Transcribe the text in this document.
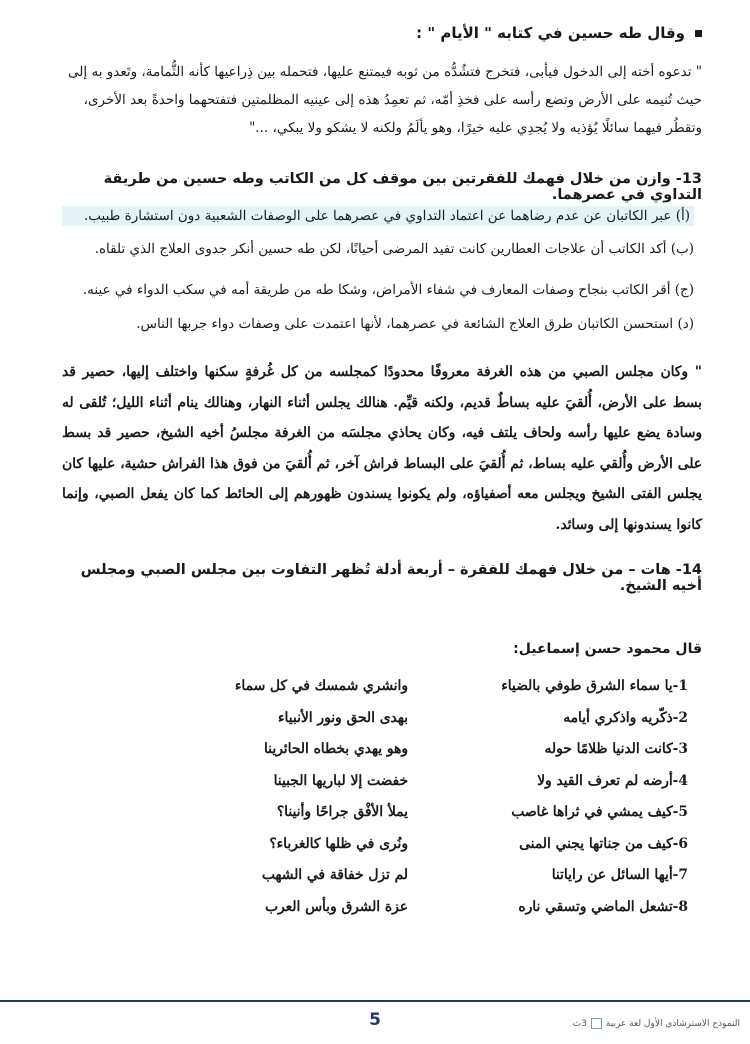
وقال طه حسين في كتابه " الأيام " :
" تدعوه أخته إلى الدخول فيأبى، فتخرج فتشُدُّه من ثوبه فيمتنع عليها، فتحمله بين ذِراعيها كأنه الثُّمامة، وتَعدو به إلى حيث تُنيمه على الأرض وتضع رأسه على فخذِ أمّه، ثم تعمِدُ هذه إلى عينيه المظلمتين فتفتحهما واحدةً بعد الأخرى، وتقطُر فيهما سائلًا يُؤذيه ولا يُجدِي عليه خيرًا، وهو يألَمُ ولكنه لا يشكو ولا يبكي، ..."
13- وازن من خلال فهمك للفقرتين بين موقف كل من الكاتب وطه حسين من طريقة التداوي في عصرهما.
(أ) عبر الكاتبان عن عدم رضاهما عن اعتماد التداوي في عصرهما على الوصفات الشعبية دون استشارة طبيب.
(ب) أكد الكاتب أن علاجات العطارين كانت تفيد المرضى أحيانًا، لكن طه حسين أنكر جدوى العلاج الذي تلقاه.
(ج) أقر الكاتب بنجاح وصفات المعارف في شفاء الأمراض، وشكا طه من طريقة أمه في سكب الدواء في عينه.
(د) استحسن الكاتبان طرق العلاج الشائعة في عصرهما، لأنها اعتمدت على وصفات دواء جربها الناس.
" وكان مجلس الصبي من هذه الغرفة معروفًا محدودًا كمجلسه من كل غُرفةٍ سكنها واختلف إليها، حصير قد بسط على الأرض، أُلقيَ عليه بساطٌ قديم، ولكنه قيِّم. هنالك يجلس أثناء النهار، وهنالك ينام أثناء الليل؛ تُلقى له وسادة يضع عليها رأسه ولحاف يلتف فيه، وكان يحاذي مجلسَه من الغرفة مجلسُ أخيه الشيخ، حصير قد بسط على الأرض وأُلقي عليه بساط، ثم أُلقيَ على البساط فراش آخر، ثم أُلقيَ من فوق هذا الفراش حشية، عليها كان يجلس الفتى الشيخ ويجلس معه أصفياؤه، ولم يكونوا يسندون ظهورهم إلى الحائط كما كان يفعل الصبي، وإنما كانوا يسندونها إلى وسائد.
14- هات – من خلال فهمك للفقرة – أربعة أدلة تُظهر التفاوت بين مجلس الصبي ومجلس أخيه الشيخ.
قال محمود حسن إسماعيل:
1-يا سماء الشرق طوفي بالضياء
وانشري شمسك في كل سماء
2-ذكّريه واذكري أيامه
بهدى الحق ونور الأنبياء
3-كانت الدنيا ظلامًا حوله
وهو يهدي بخطاه الحائرينا
4-أرضه لم تعرف القيد ولا
خفضت إلا لباريها الجبينا
5-كيف يمشي في ثراها غاصب
يملأ الأفْق جراحًا وأنينا؟
6-كيف من جناتها يجني المنى
ونُرى في ظلها كالغرباء؟
7-أيها السائل عن راياتنا
لم تزل خفاقة في الشهب
8-تشعل الماضي وتسقي ناره
عزة الشرق وبأس العرب
5	النموذج الاسترشادي الأول لغة عربية
3ث
